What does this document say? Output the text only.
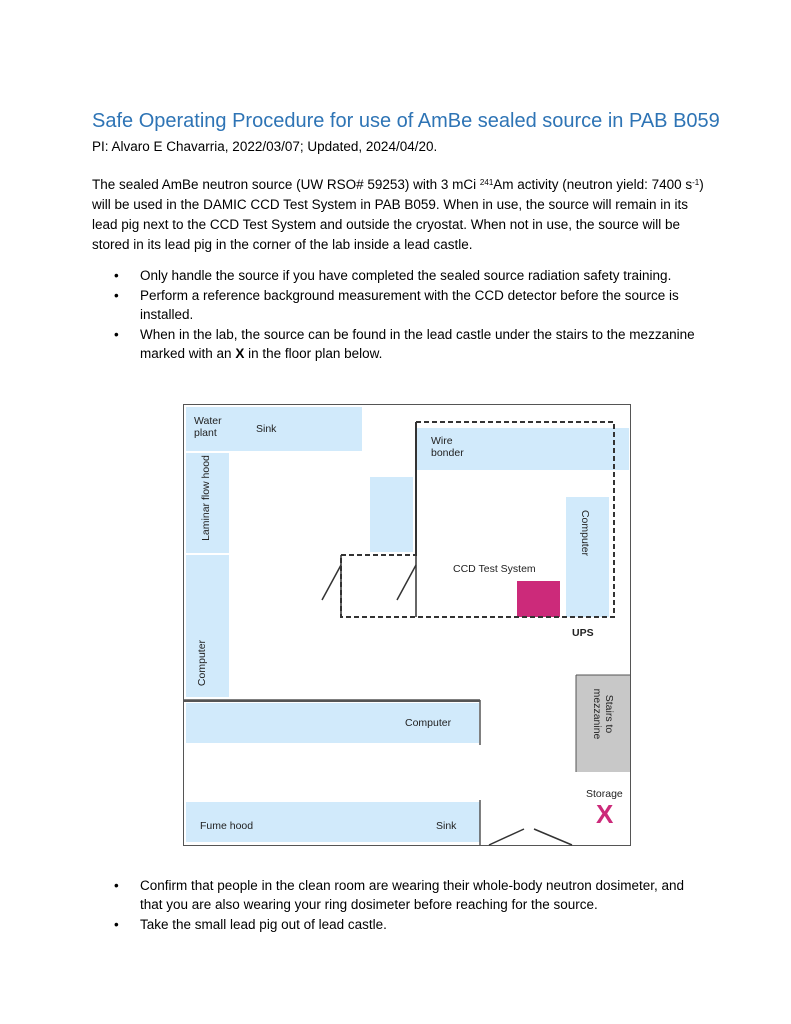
Safe Operating Procedure for use of AmBe sealed source in PAB B059
PI: Alvaro E Chavarria, 2022/03/07; Updated, 2024/04/20.
The sealed AmBe neutron source (UW RSO# 59253) with 3 mCi $^{241}$Am activity (neutron yield: 7400 $s^{-1}$) will be used in the DAMIC CCD Test System in PAB B059. When in use, the source will remain in its lead pig next to the CCD Test System and outside the cryostat. When not in use, the source will be stored in its lead pig in the corner of the lab inside a lead castle.
• Only handle the source if you have completed the sealed source radiation safety training.
• Perform a reference background measurement with the CCD detector before the source is installed.
• When in the lab, the source can be found in the lead castle under the stairs to the mezzanine marked with an X in the floor plan below.
Water plant	Sink
Wire bonder
Laminar flow hood
Computer
Computer
CCD Test System
UPS
Computer	Stairs to mezzanine
Storage
X
Fume hood	Sink
• Confirm that people in the clean room are wearing their whole-body neutron dosimeter, and that you are also wearing your ring dosimeter before reaching for the source.
• Take the small lead pig out of lead castle.
